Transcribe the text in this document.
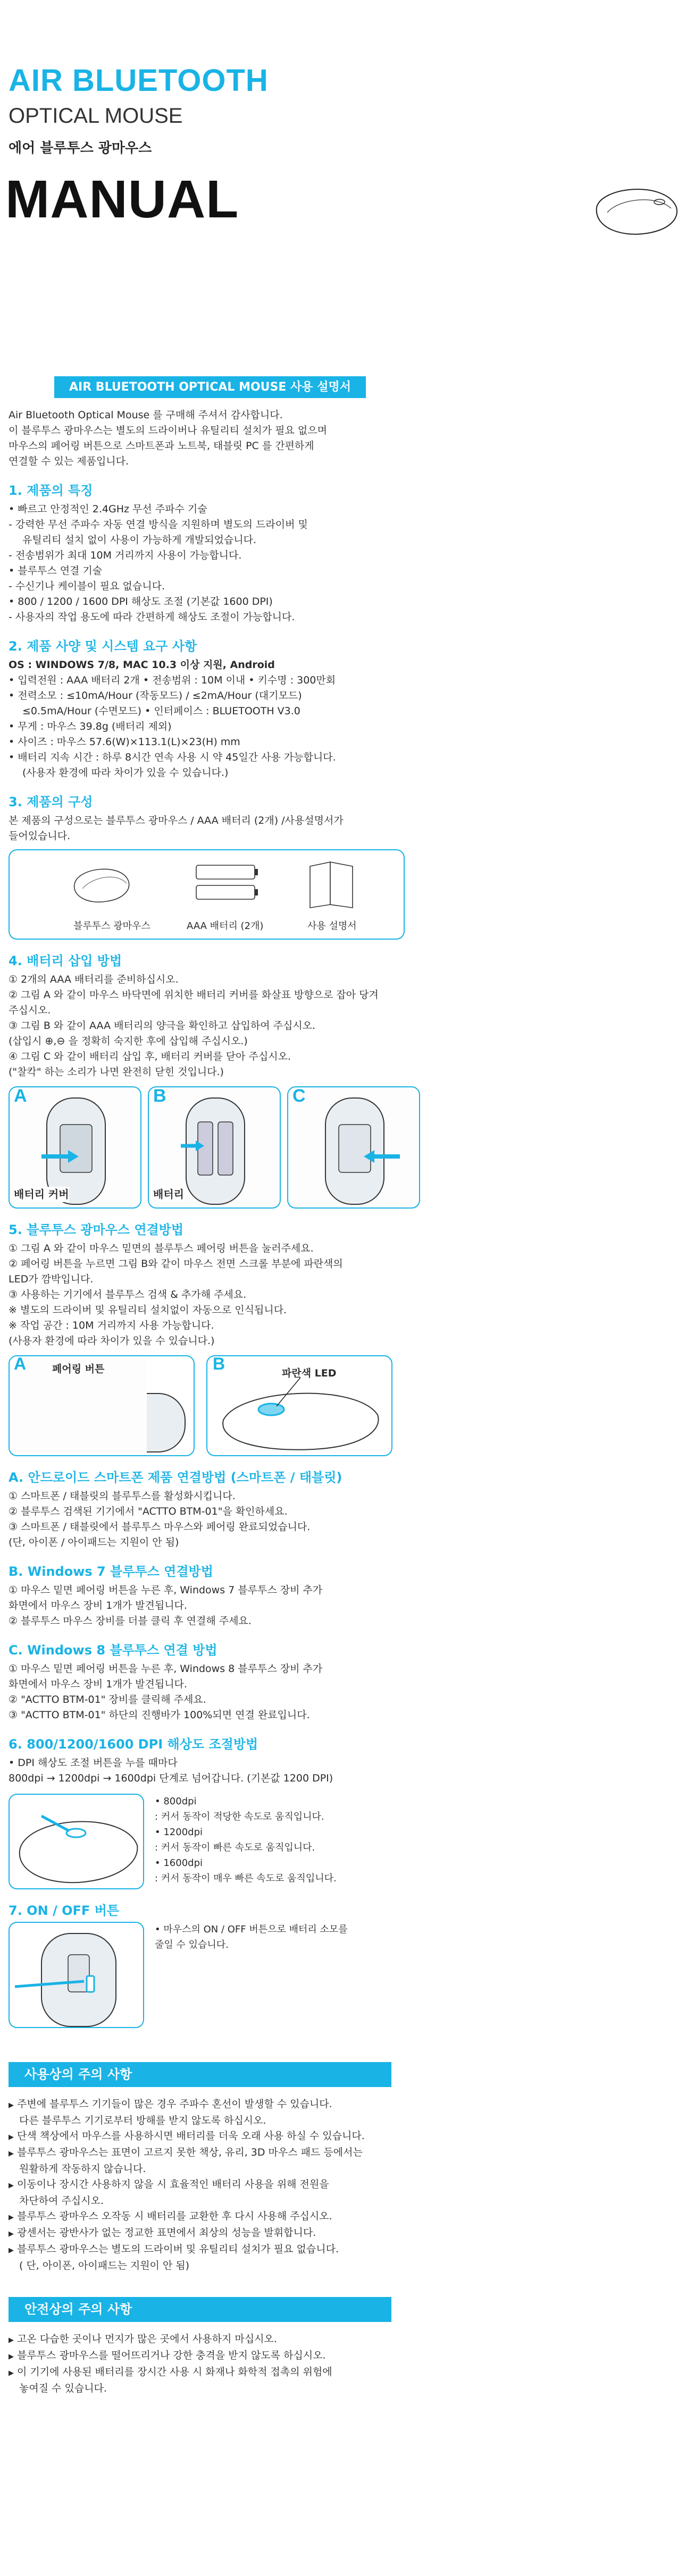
AIR BLUETOOTH
OPTICAL MOUSE
에어 블루투스 광마우스
MANUAL
AIR BLUETOOTH OPTICAL MOUSE 사용 설명서
Air Bluetooth Optical Mouse 를 구매해 주셔서 감사합니다.
이 블루투스 광마우스는 별도의 드라이버나 유틸리티 설치가 필요 없으며
마우스의 페어링 버튼으로 스마트폰과 노트북, 태블릿 PC 를 간편하게
연결할 수 있는 제품입니다.
1. 제품의 특징
• 빠르고 안정적인 2.4GHz 무선 주파수 기술
- 강력한 무선 주파수 자동 연결 방식을 지원하며 별도의 드라이버 및
유틸리티 설치 없이 사용이 가능하게 개발되었습니다.
- 전송범위가 최대 10M 거리까지 사용이 가능합니다.
• 블루투스 연결 기술
- 수신기나 케이블이 필요 없습니다.
• 800 / 1200 / 1600 DPI 해상도 조절 (기본값 1600 DPI)
- 사용자의 작업 용도에 따라 간편하게 해상도 조절이 가능합니다.
2. 제품 사양 및 시스템 요구 사항
OS : WINDOWS 7/8, MAC 10.3 이상 지원, Android
• 입력전원 : AAA 배터리 2개 • 전송범위 : 10M 이내 • 키수명 : 300만회
• 전력소모 : ≤10mA/Hour (작동모드) / ≤2mA/Hour (대기모드)
≤0.5mA/Hour (수면모드) • 인터페이스 : BLUETOOTH V3.0
• 무게 : 마우스 39.8g (배터리 제외)
• 사이즈 : 마우스 57.6(W)×113.1(L)×23(H) mm
• 배터리 지속 시간 : 하루 8시간 연속 사용 시 약 45일간 사용 가능합니다.
(사용자 환경에 따라 차이가 있을 수 있습니다.)
3. 제품의 구성
본 제품의 구성으로는 블루투스 광마우스 / AAA 배터리 (2개) /사용설명서가
들어있습니다.
블루투스 광마우스	AAA 배터리 (2개)	사용 설명서
4. 배터리 삽입 방법
① 2개의 AAA 배터리를 준비하십시오.
② 그림 A 와 같이 마우스 바닥면에 위치한 배터리 커버를 화살표 방향으로 잡아 당겨
주십시오.
③ 그림 B 와 같이 AAA 배터리의 양극을 확인하고 삽입하여 주십시오.
(삽입시 ⊕,⊖ 을 정확히 숙지한 후에 삽입해 주십시오.)
④ 그림 C 와 같이 배터리 삽입 후, 배터리 커버를 닫아 주십시오.
("찰칵" 하는 소리가 나면 완전히 닫힌 것입니다.)
A
배터리 커버
B
배터리
C
5. 블루투스 광마우스 연결방법
① 그림 A 와 같이 마우스 밑면의 블루투스 페어링 버튼을 눌러주세요.
② 페어링 버튼을 누르면 그림 B와 같이 마우스 전면 스크롤 부분에 파란색의
LED가 깜박입니다.
③ 사용하는 기기에서 블루투스 검색 & 추가해 주세요.
※ 별도의 드라이버 및 유틸리티 설치없이 자동으로 인식됩니다.
※ 작업 공간 : 10M 거리까지 사용 가능합니다.
(사용자 환경에 따라 차이가 있을 수 있습니다.)
A	페어링 버튼	B	파란색 LED
A. 안드로이드 스마트폰 제품 연결방법 (스마트폰 / 태블릿)
① 스마트폰 / 태블릿의 블루투스를 활성화시킵니다.
② 블루투스 검색된 기기에서 "ACTTO BTM-01"을 확인하세요.
③ 스마트폰 / 태블릿에서 블루투스 마우스와 페어링 완료되었습니다.
(단, 아이폰 / 아이패드는 지원이 안 됨)
B. Windows 7 블루투스 연결방법
① 마우스 밑면 페어링 버튼을 누른 후, Windows 7 블루투스 장비 추가
화면에서 마우스 장비 1개가 발견됩니다.
② 블루투스 마우스 장비를 더블 클릭 후 연결해 주세요.
C. Windows 8 블루투스 연결 방법
① 마우스 밑면 페어링 버튼을 누른 후, Windows 8 블루투스 장비 추가
화면에서 마우스 장비 1개가 발견됩니다.
② "ACTTO BTM-01" 장비를 클릭해 주세요.
③ "ACTTO BTM-01" 하단의 진행바가 100%되면 연결 완료입니다.
6. 800/1200/1600 DPI 해상도 조절방법
• DPI 해상도 조절 버튼을 누를 때마다
800dpi → 1200dpi → 1600dpi 단계로 넘어갑니다. (기본값 1200 DPI)
• 800dpi
: 커서 동작이 적당한 속도로 움직입니다.
• 1200dpi
: 커서 동작이 빠른 속도로 움직입니다.
• 1600dpi
: 커서 동작이 매우 빠른 속도로 움직입니다.
7. ON / OFF 버튼
• 마우스의 ON / OFF 버튼으로 배터리 소모를
줄일 수 있습니다.
사용상의 주의 사항
▶ 주변에 블루투스 기기들이 많은 경우 주파수 혼선이 발생할 수 있습니다.
다른 블루투스 기기로부터 방해를 받지 않도록 하십시오.
▶ 단색 책상에서 마우스를 사용하시면 배터리를 더욱 오래 사용 하실 수 있습니다.
▶ 블루투스 광마우스는 표면이 고르지 못한 책상, 유리, 3D 마우스 패드 등에서는
원활하게 작동하지 않습니다.
▶ 이동이나 장시간 사용하지 않을 시 효율적인 배터리 사용을 위해 전원을
차단하여 주십시오.
▶ 블루투스 광마우스 오작동 시 배터리를 교환한 후 다시 사용해 주십시오.
▶ 광센서는 광반사가 없는 정교한 표면에서 최상의 성능을 발휘합니다.
▶ 블루투스 광마우스는 별도의 드라이버 및 유틸리티 설치가 필요 없습니다.
( 단, 아이폰, 아이패드는 지원이 안 됨)
안전상의 주의 사항
▶ 고온 다습한 곳이나 먼지가 많은 곳에서 사용하지 마십시오.
▶ 블루투스 광마우스를 떨어뜨리거나 강한 충격을 받지 않도록 하십시오.
▶ 이 기기에 사용된 배터리를 장시간 사용 시 화재나 화학적 접촉의 위험에
놓여질 수 있습니다.
